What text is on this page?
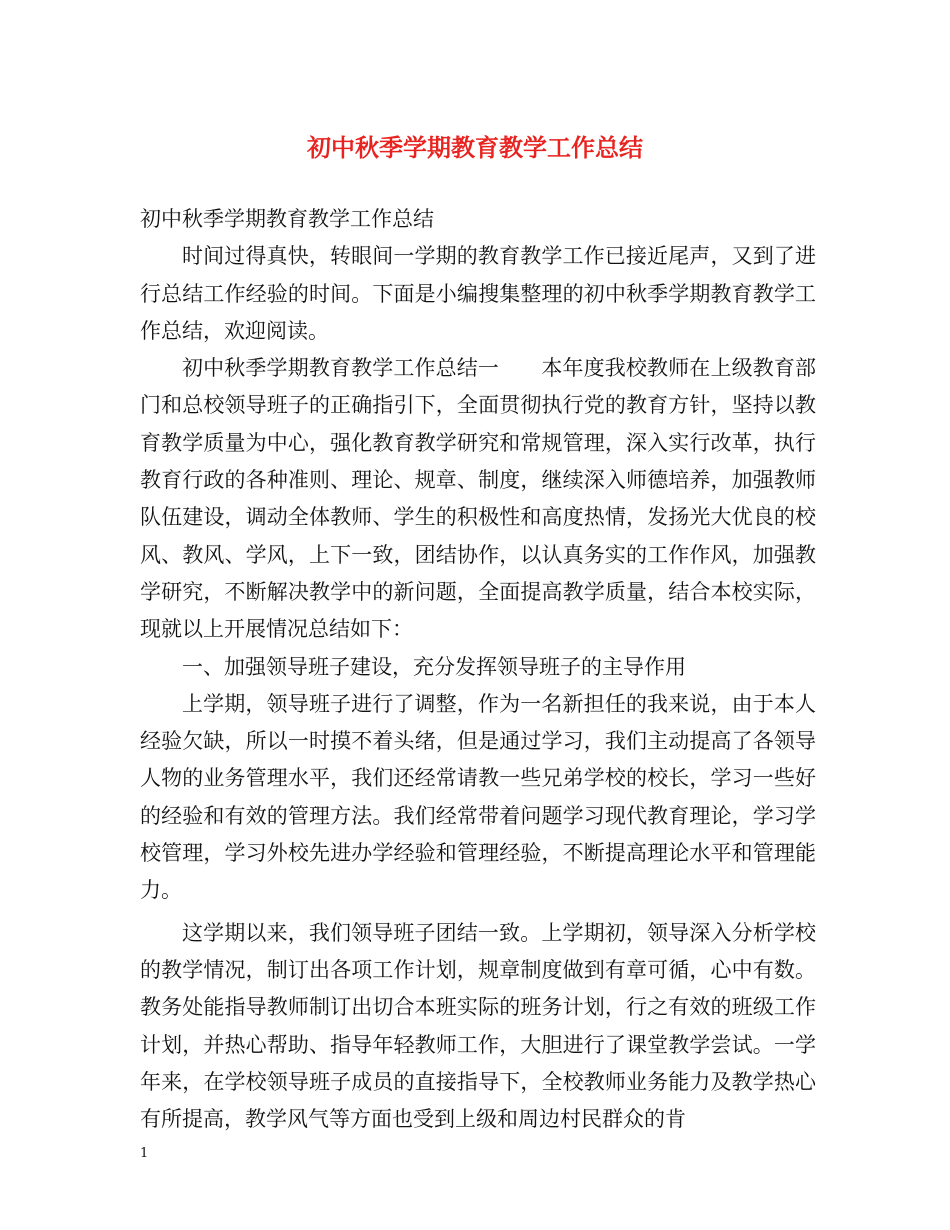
初中秋季学期教育教学工作总结

初中秋季学期教育教学工作总结

时间过得真快，转眼间一学期的教育教学工作已接近尾声，又到了进行总结工作经验的时间。下面是小编搜集整理的初中秋季学期教育教学工作总结，欢迎阅读。

初中秋季学期教育教学工作总结一　　本年度我校教师在上级教育部门和总校领导班子的正确指引下，全面贯彻执行党的教育方针，坚持以教育教学质量为中心，强化教育教学研究和常规管理，深入实行改革，执行教育行政的各种准则、理论、规章、制度，继续深入师德培养，加强教师队伍建设，调动全体教师、学生的积极性和高度热情，发扬光大优良的校风、教风、学风，上下一致，团结协作，以认真务实的工作作风，加强教学研究，不断解决教学中的新问题，全面提高教学质量，结合本校实际，现就以上开展情况总结如下：

一、加强领导班子建设，充分发挥领导班子的主导作用

上学期，领导班子进行了调整，作为一名新担任的我来说，由于本人经验欠缺，所以一时摸不着头绪，但是通过学习，我们主动提高了各领导人物的业务管理水平，我们还经常请教一些兄弟学校的校长，学习一些好的经验和有效的管理方法。我们经常带着问题学习现代教育理论，学习学校管理，学习外校先进办学经验和管理经验，不断提高理论水平和管理能力。

这学期以来，我们领导班子团结一致。上学期初，领导深入分析学校的教学情况，制订出各项工作计划，规章制度做到有章可循，心中有数。教务处能指导教师制订出切合本班实际的班务计划，行之有效的班级工作计划，并热心帮助、指导年轻教师工作，大胆进行了课堂教学尝试。一学年来，在学校领导班子成员的直接指导下，全校教师业务能力及教学热心有所提高，教学风气等方面也受到上级和周边村民群众的肯

1
